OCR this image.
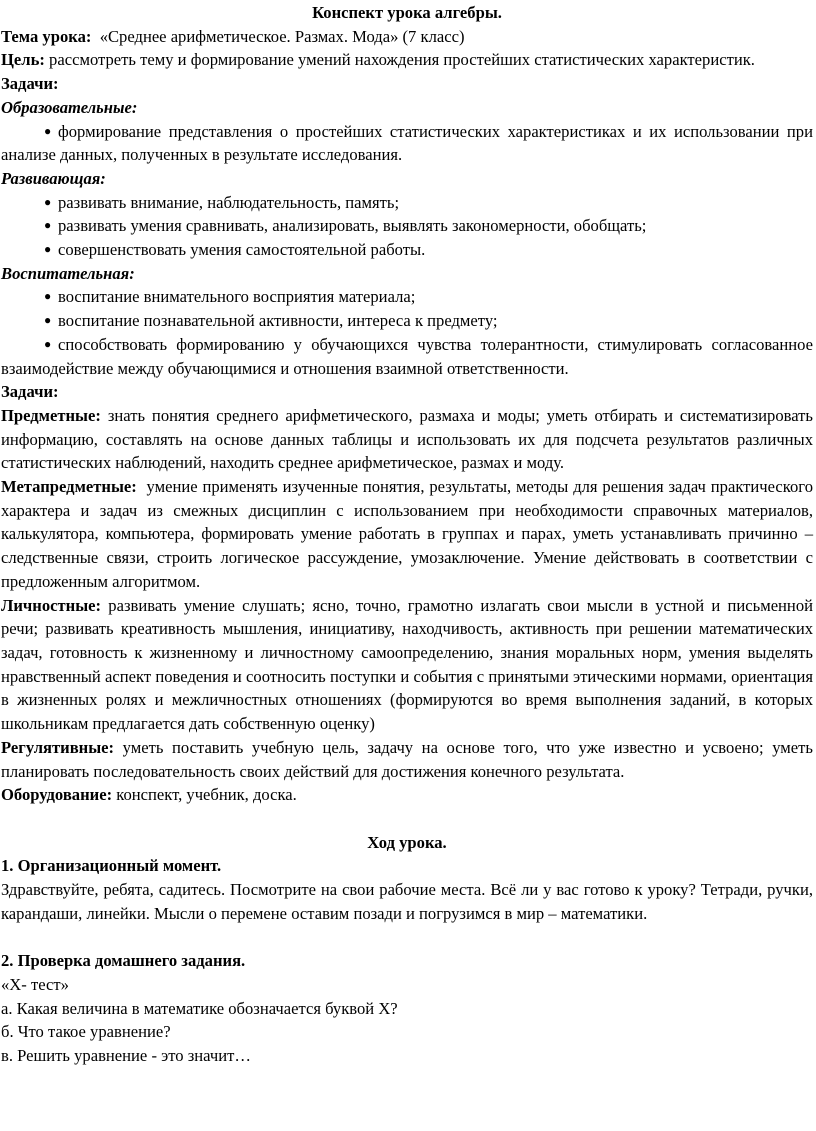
Конспект урока алгебры.

Тема урока: «Среднее арифметическое. Размах. Мода» (7 класс)

Цель: рассмотреть тему и формирование умений нахождения простейших статистических характеристик.

Задачи:

Образовательные:

● формирование представления о простейших статистических характеристиках и их использовании при анализе данных, полученных в результате исследования.

Развивающая:

● развивать внимание, наблюдательность, память;
● развивать умения сравнивать, анализировать, выявлять закономерности, обобщать;
● совершенствовать умения самостоятельной работы.

Воспитательная:

● воспитание внимательного восприятия материала;
● воспитание познавательной активности, интереса к предмету;
● способствовать формированию у обучающихся чувства толерантности, стимулировать согласованное взаимодействие между обучающимися и отношения взаимной ответственности.

Задачи:

Предметные: знать понятия среднего арифметического, размаха и моды; уметь отбирать и систематизировать информацию, составлять на основе данных таблицы и использовать их для подсчета результатов различных статистических наблюдений, находить среднее арифметическое, размах и моду.

Метапредметные: умение применять изученные понятия, результаты, методы для решения задач практического характера и задач из смежных дисциплин с использованием при необходимости справочных материалов, калькулятора, компьютера, формировать умение работать в группах и парах, уметь устанавливать причинно – следственные связи, строить логическое рассуждение, умозаключение. Умение действовать в соответствии с предложенным алгоритмом.

Личностные: развивать умение слушать; ясно, точно, грамотно излагать свои мысли в устной и письменной речи; развивать креативность мышления, инициативу, находчивость, активность при решении математических задач, готовность к жизненному и личностному самоопределению, знания моральных норм, умения выделять нравственный аспект поведения и соотносить поступки и события с принятыми этическими нормами, ориентация в жизненных ролях и межличностных отношениях (формируются во время выполнения заданий, в которых школьникам предлагается дать собственную оценку)

Регулятивные: уметь поставить учебную цель, задачу на основе того, что уже известно и усвоено; уметь планировать последовательность своих действий для достижения конечного результата.

Оборудование: конспект, учебник, доска.

Ход урока.

1. Организационный момент.

Здравствуйте, ребята, садитесь. Посмотрите на свои рабочие места. Всё ли у вас готово к уроку? Тетради, ручки, карандаши, линейки. Мысли о перемене оставим позади и погрузимся в мир – математики.

2. Проверка домашнего задания.

«Х- тест»

а. Какая величина в математике обозначается буквой Х?

б. Что такое уравнение?

в. Решить уравнение - это значит…
